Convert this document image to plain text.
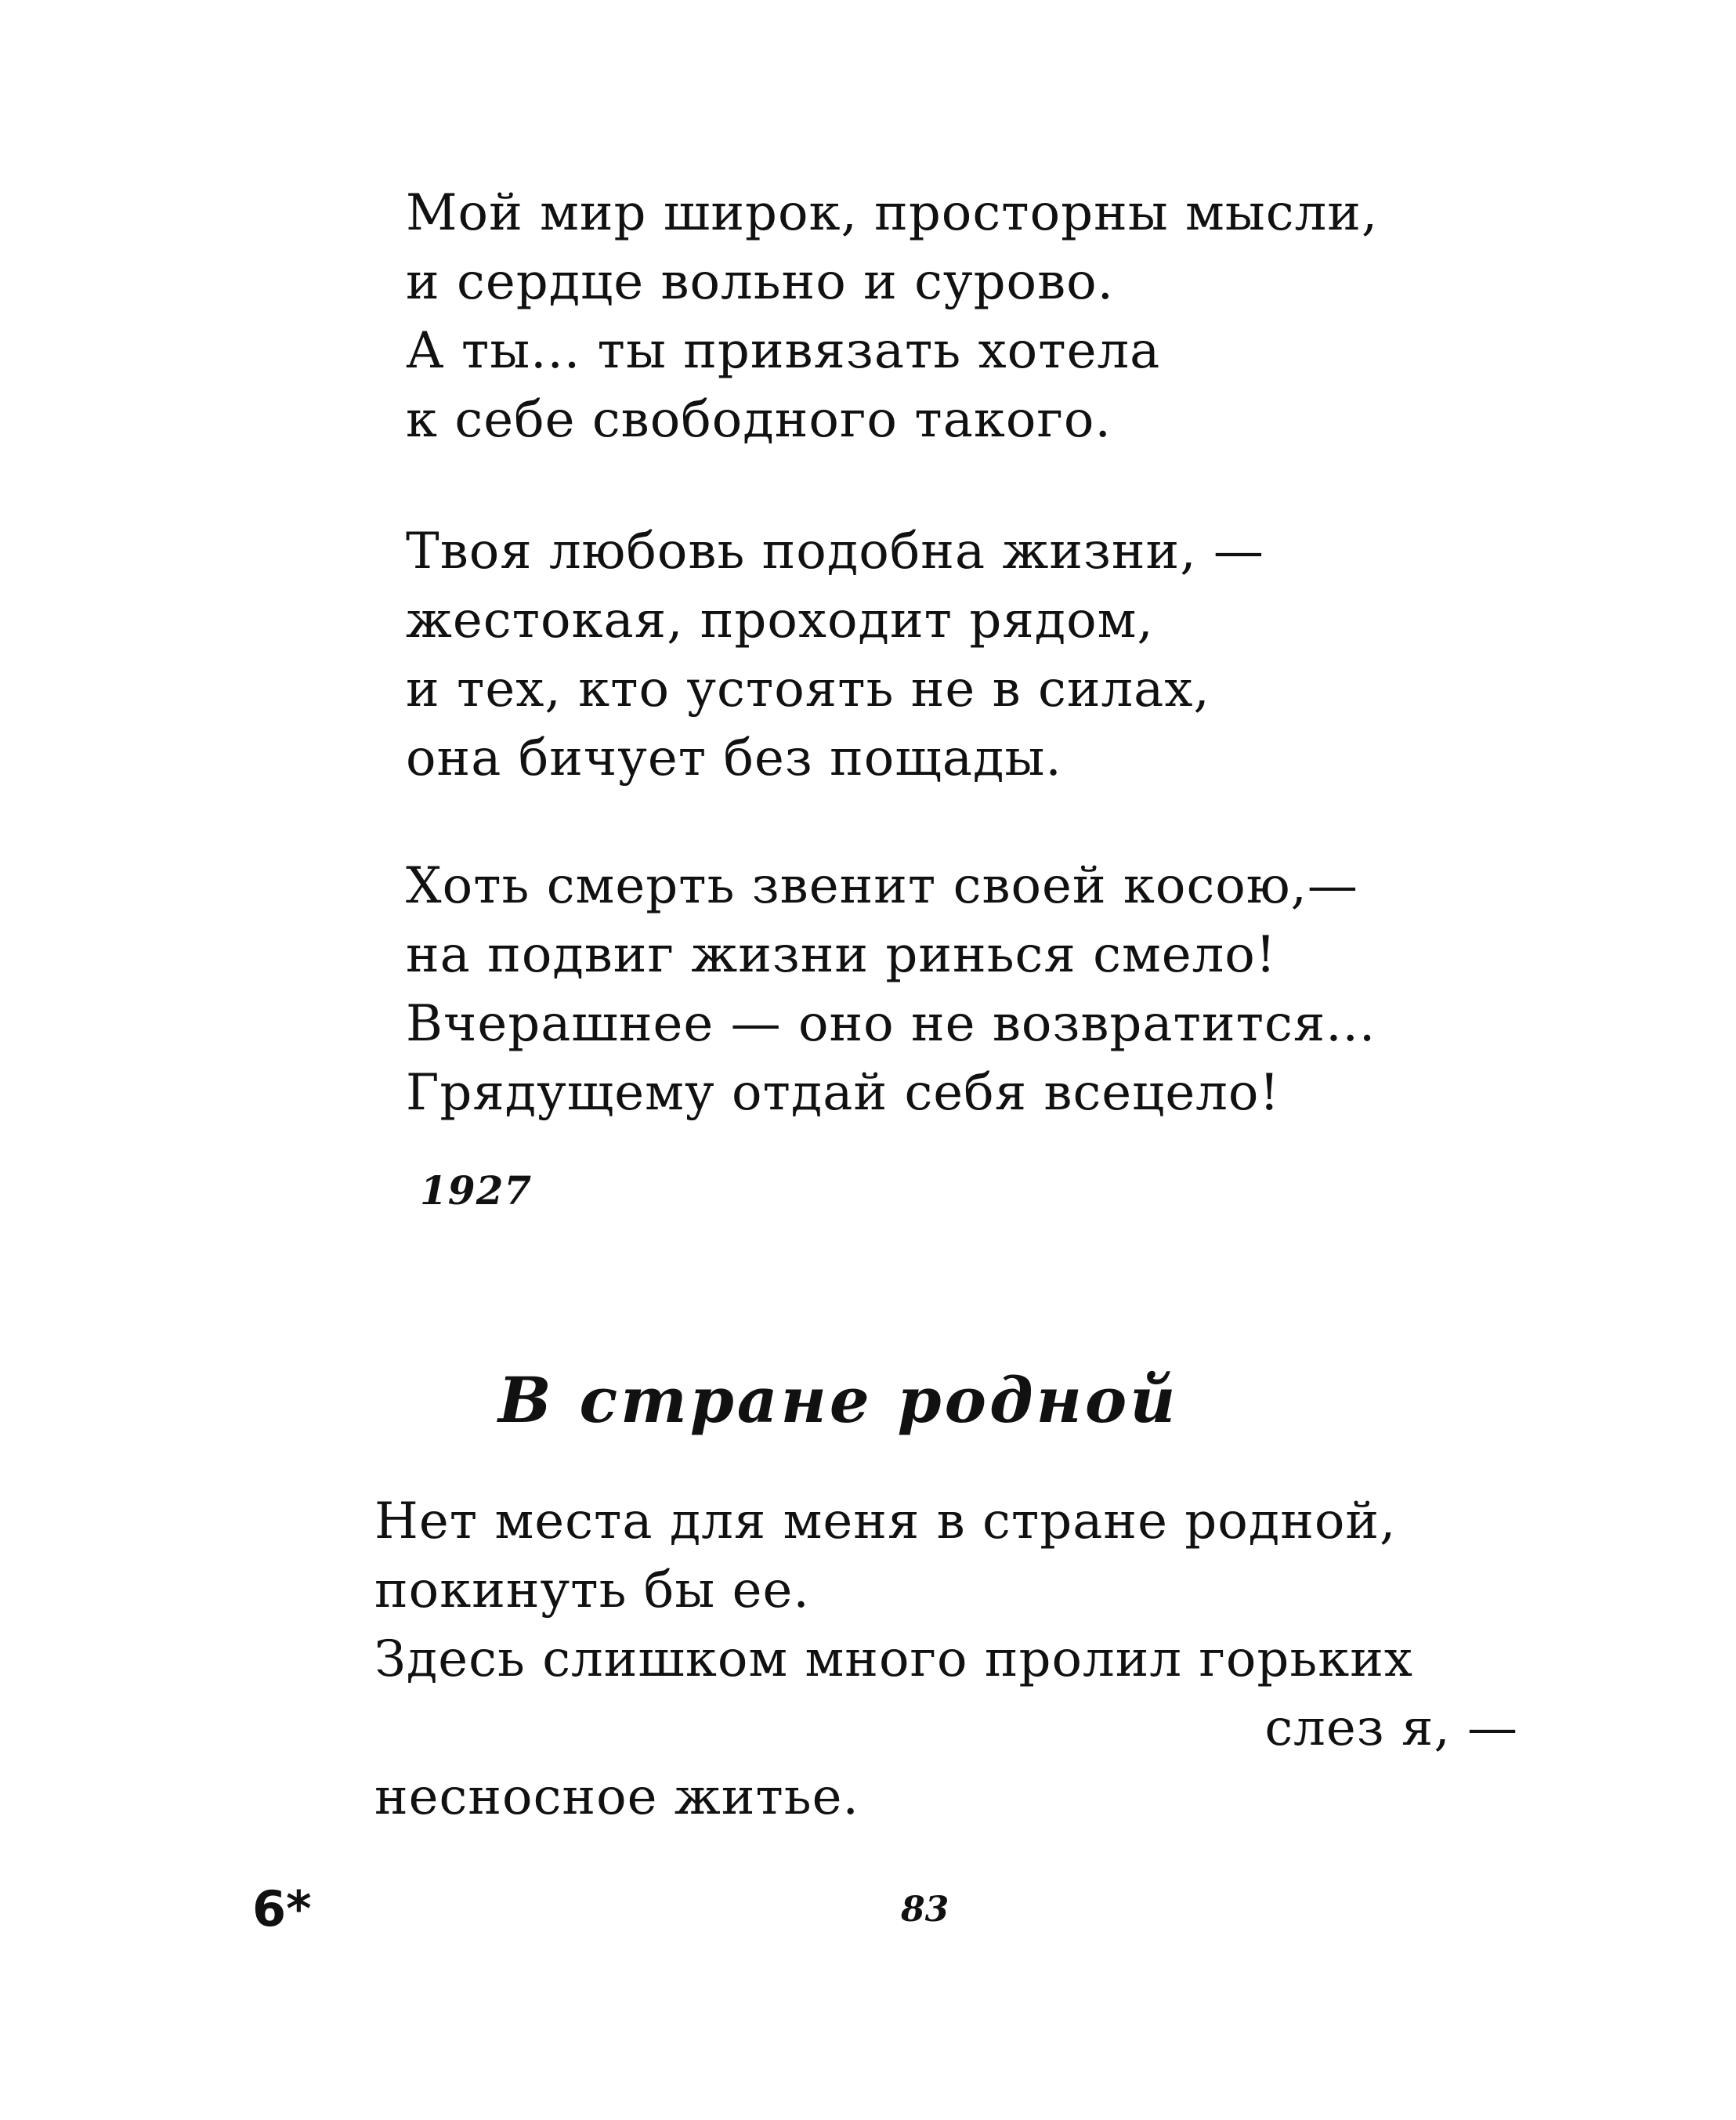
Мой мир широк, просторны мысли,
и сердце вольно и сурово.
А ты... ты привязать хотела
к себе свободного такого.
Твоя любовь подобна жизни, —
жестокая, проходит рядом,
и тех, кто устоять не в силах,
она бичует без пощады.
Хоть смерть звенит своей косою,—
на подвиг жизни ринься смело!
Вчерашнее — оно не возвратится...
Грядущему отдай себя всецело!
1927
В стране родной
Нет места для меня в стране родной,
покинуть бы ее.
Здесь слишком много пролил горьких
слез я, —
несносное житье.
6*	83
